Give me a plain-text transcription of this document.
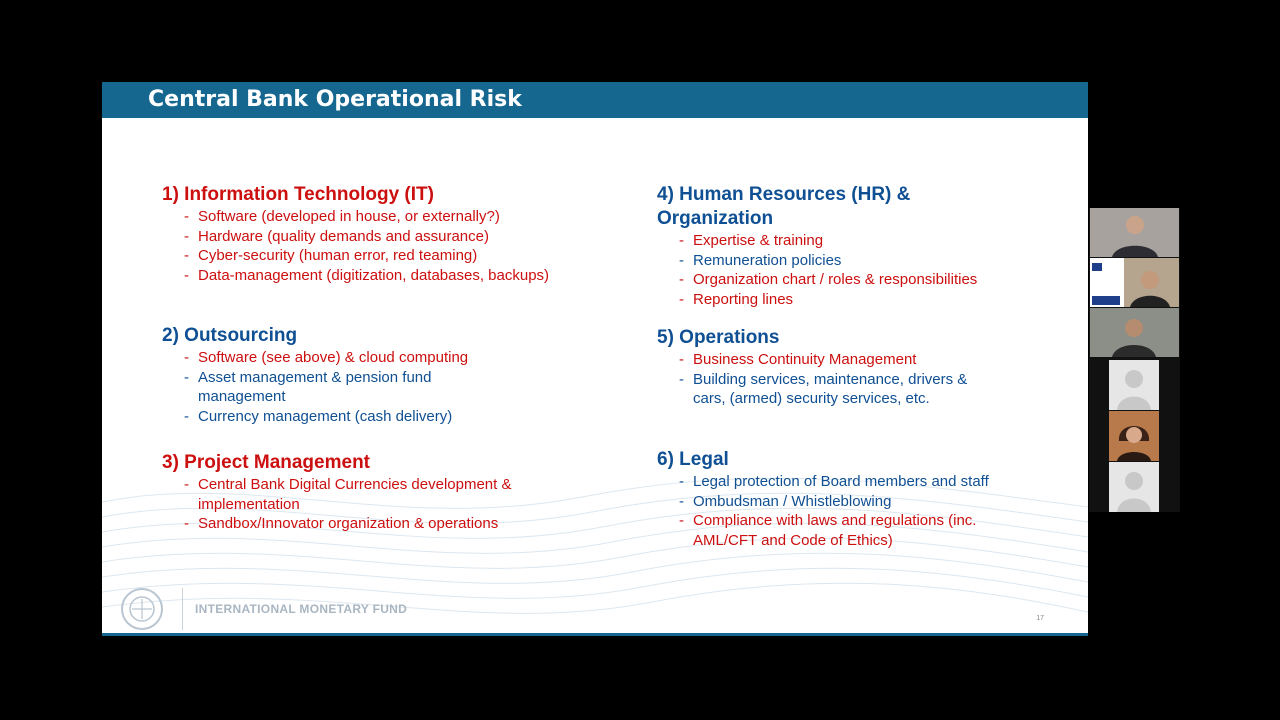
Central Bank Operational Risk
1) Information Technology (IT)
- Software (developed in house, or externally?)
- Hardware (quality demands and assurance)
- Cyber-security (human error, red teaming)
- Data-management (digitization, databases, backups)
2) Outsourcing
- Software (see above) & cloud computing
- Asset management & pension fund
management
- Currency management (cash delivery)
3) Project Management
- Central Bank Digital Currencies development &
implementation
- Sandbox/Innovator organization & operations
4) Human Resources (HR) &
Organization
- Expertise & training
- Remuneration policies
- Organization chart / roles & responsibilities
- Reporting lines
5) Operations
- Business Continuity Management
- Building services, maintenance, drivers &
cars, (armed) security services, etc.
6) Legal
- Legal protection of Board members and staff
- Ombudsman / Whistleblowing
- Compliance with laws and regulations (inc.
AML/CFT and Code of Ethics)
INTERNATIONAL MONETARY FUND
17
